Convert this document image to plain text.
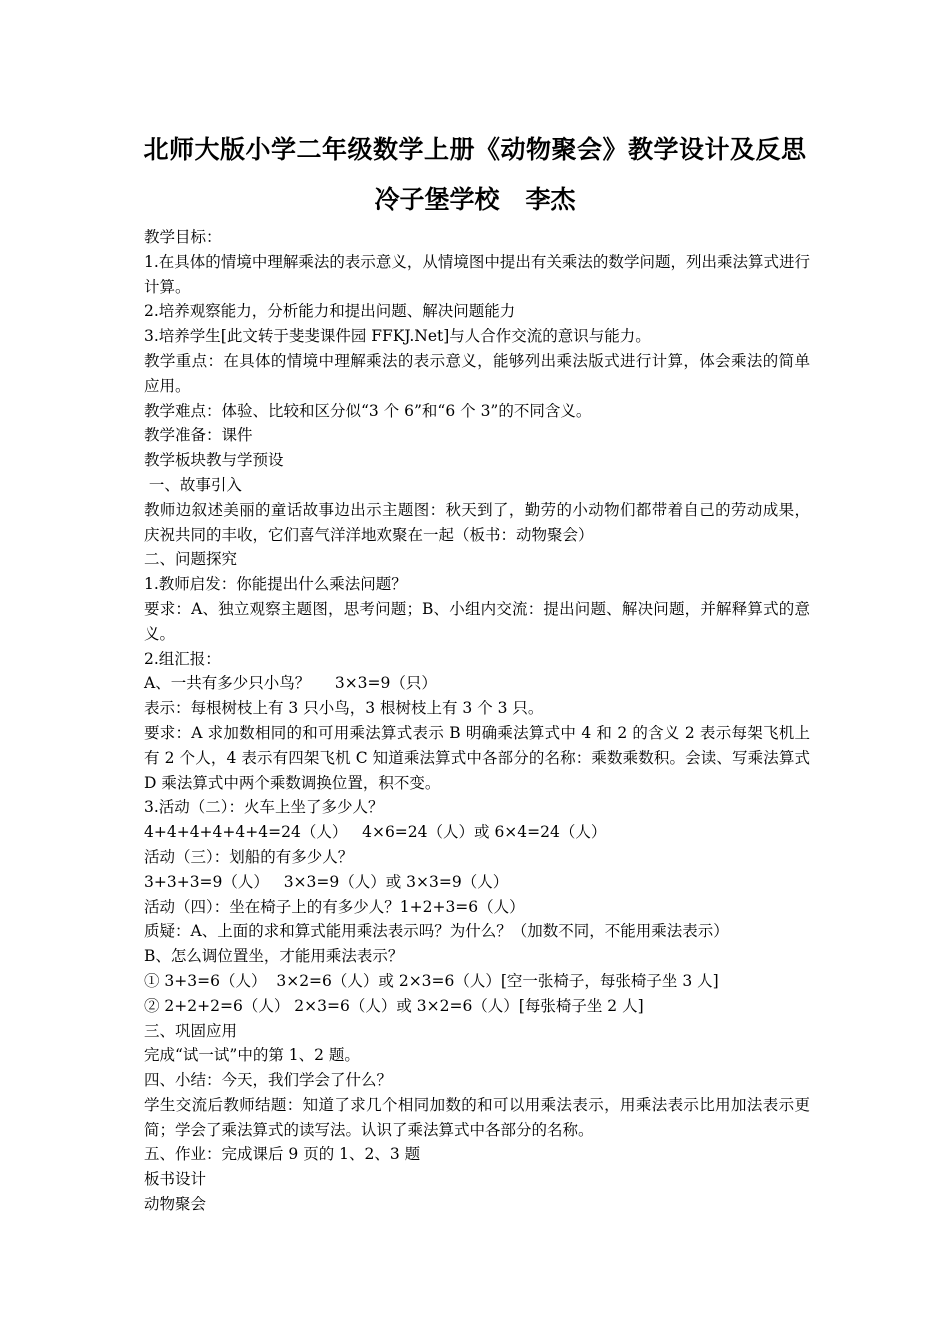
北师大版小学二年级数学上册《动物聚会》教学设计及反思
冷子堡学校   李杰

教学目标：

1.在具体的情境中理解乘法的表示意义，从情境图中提出有关乘法的数学问题，列出乘法算式进行计算。

2.培养观察能力，分析能力和提出问题、解决问题能力

3.培养学生[此文转于斐斐课件园 FFKJ.Net]与人合作交流的意识与能力。

教学重点：在具体的情境中理解乘法的表示意义，能够列出乘法版式进行计算，体会乘法的简单应用。

教学难点：体验、比较和区分似“3 个 6”和“6 个 3”的不同含义。

教学准备：课件

教学板块教与学预设

一、故事引入

教师边叙述美丽的童话故事边出示主题图：秋天到了，勤劳的小动物们都带着自己的劳动成果，庆祝共同的丰收，它们喜气洋洋地欢聚在一起（板书：动物聚会）

二、问题探究

1.教师启发：你能提出什么乘法问题？

要求：A、独立观察主题图，思考问题；B、小组内交流：提出问题、解决问题，并解释算式的意义。

2.组汇报：

A、一共有多少只小鸟？     3×3=9（只）

表示：每根树枝上有 3 只小鸟，3 根树枝上有 3 个 3 只。

要求：A 求加数相同的和可用乘法算式表示 B 明确乘法算式中 4 和 2 的含义 2 表示每架飞机上有 2 个人，4 表示有四架飞机 C 知道乘法算式中各部分的名称：乘数乘数积。会读、写乘法算式 D 乘法算式中两个乘数调换位置，积不变。

3.活动（二）：火车上坐了多少人？

4+4+4+4+4+4=24（人）   4×6=24（人）或 6×4=24（人）

活动（三）：划船的有多少人？

3+3+3=9（人）   3×3=9（人）或 3×3=9（人）

活动（四）：坐在椅子上的有多少人？1+2+3=6（人）

质疑：A、上面的求和算式能用乘法表示吗？为什么？（加数不同，不能用乘法表示）

B、怎么调位置坐，才能用乘法表示？

① 3+3=6（人）  3×2=6（人）或 2×3=6（人）[空一张椅子，每张椅子坐 3 人]

② 2+2+2=6（人） 2×3=6（人）或 3×2=6（人）[每张椅子坐 2 人]

三、巩固应用

完成“试一试”中的第 1、2 题。

四、小结：今天，我们学会了什么？

学生交流后教师结题：知道了求几个相同加数的和可以用乘法表示，用乘法表示比用加法表示更简；学会了乘法算式的读写法。认识了乘法算式中各部分的名称。

五、作业：完成课后 9 页的 1、2、3 题

板书设计

动物聚会
